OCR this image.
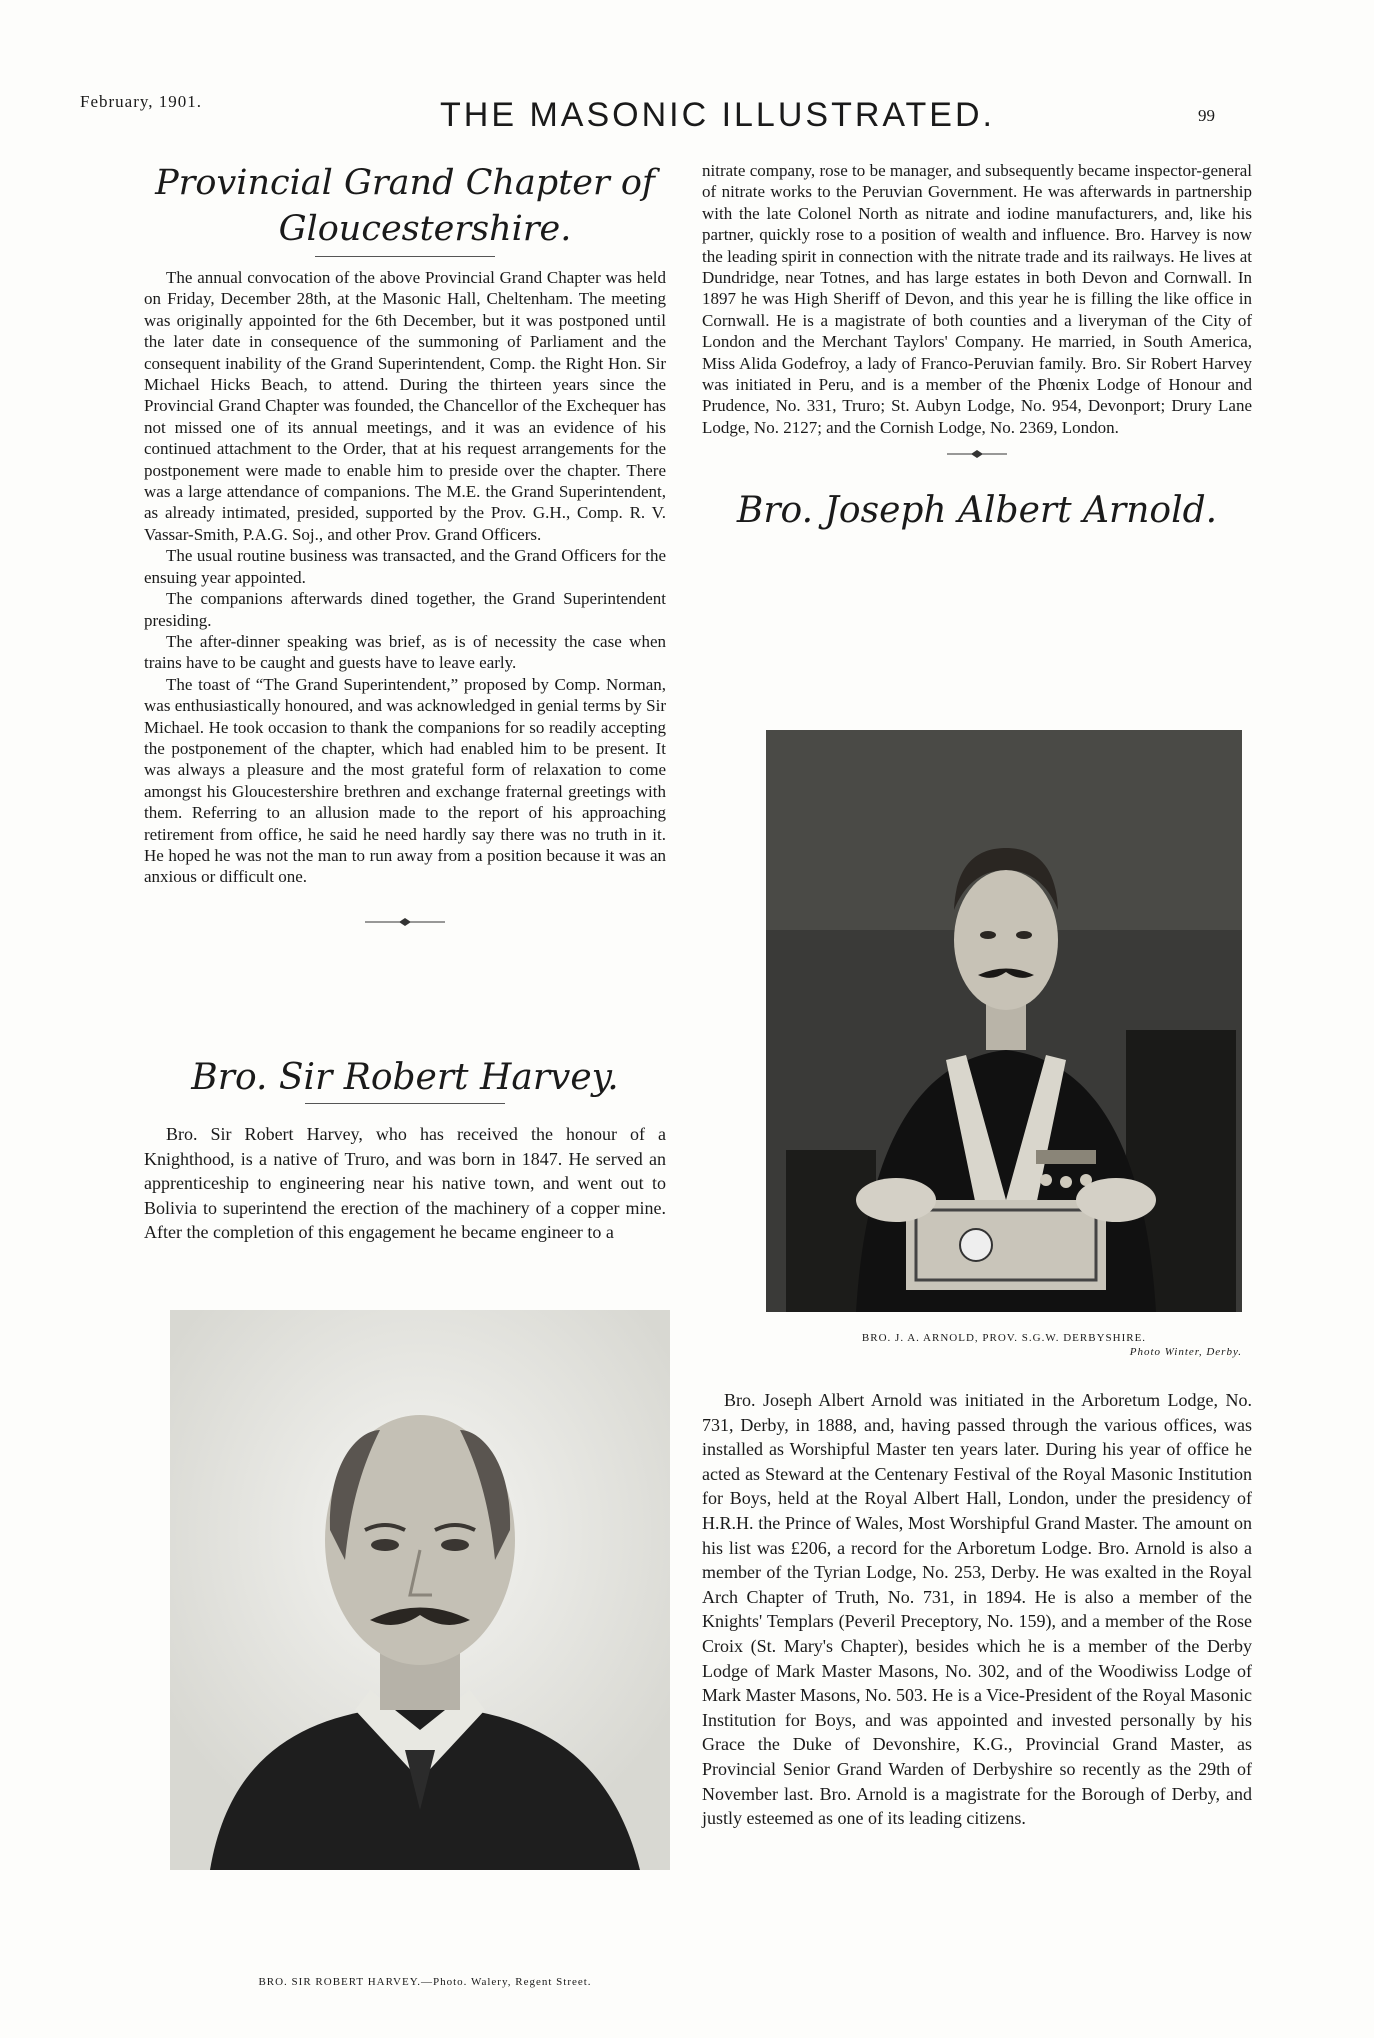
February, 1901.	THE MASONIC ILLUSTRATED.	99
Provincial Grand Chapter of
Gloucestershire.

The annual convocation of the above Provincial Grand Chapter was held on Friday, December 28th, at the Masonic Hall, Cheltenham. The meeting was originally appointed for the 6th December, but it was postponed until the later date in consequence of the summoning of Parliament and the consequent inability of the Grand Superintendent, Comp. the Right Hon. Sir Michael Hicks Beach, to attend. During the thirteen years since the Provincial Grand Chapter was founded, the Chancellor of the Exchequer has not missed one of its annual meetings, and it was an evidence of his continued attachment to the Order, that at his request arrangements for the postponement were made to enable him to preside over the chapter. There was a large attendance of companions. The M.E. the Grand Superintendent, as already intimated, presided, supported by the Prov. G.H., Comp. R. V. Vassar-Smith, P.A.G. Soj., and other Prov. Grand Officers.

The usual routine business was transacted, and the Grand Officers for the ensuing year appointed.

The companions afterwards dined together, the Grand Superintendent presiding.

The after-dinner speaking was brief, as is of necessity the case when trains have to be caught and guests have to leave early.

The toast of “The Grand Superintendent,” proposed by Comp. Norman, was enthusiastically honoured, and was acknowledged in genial terms by Sir Michael. He took occasion to thank the companions for so readily accepting the postponement of the chapter, which had enabled him to be present. It was always a pleasure and the most grateful form of relaxation to come amongst his Gloucestershire brethren and exchange fraternal greetings with them. Referring to an allusion made to the report of his approaching retirement from office, he said he need hardly say there was no truth in it. He hoped he was not the man to run away from a position because it was an anxious or difficult one.

Bro. Sir Robert Harvey.

Bro. Sir Robert Harvey, who has received the honour of a Knighthood, is a native of Truro, and was born in 1847. He served an apprenticeship to engineering near his native town, and went out to Bolivia to superintend the erection of the machinery of a copper mine. After the completion of this engagement he became engineer to a

BRO. SIR ROBERT HARVEY.—Photo. Walery, Regent Street.

nitrate company, rose to be manager, and subsequently became inspector-general of nitrate works to the Peruvian Government. He was afterwards in partnership with the late Colonel North as nitrate and iodine manufacturers, and, like his partner, quickly rose to a position of wealth and influence. Bro. Harvey is now the leading spirit in connection with the nitrate trade and its railways. He lives at Dundridge, near Totnes, and has large estates in both Devon and Cornwall. In 1897 he was High Sheriff of Devon, and this year he is filling the like office in Cornwall. He is a magistrate of both counties and a liveryman of the City of London and the Merchant Taylors' Company. He married, in South America, Miss Alida Godefroy, a lady of Franco-Peruvian family. Bro. Sir Robert Harvey was initiated in Peru, and is a member of the Phœnix Lodge of Honour and Prudence, No. 331, Truro; St. Aubyn Lodge, No. 954, Devonport; Drury Lane Lodge, No. 2127; and the Cornish Lodge, No. 2369, London.

Bro. Joseph Albert Arnold.
BRO. J. A. ARNOLD, PROV. S.G.W. DERBYSHIRE.
Photo Winter, Derby.

Bro. Joseph Albert Arnold was initiated in the Arboretum Lodge, No. 731, Derby, in 1888, and, having passed through the various offices, was installed as Worshipful Master ten years later. During his year of office he acted as Steward at the Centenary Festival of the Royal Masonic Institution for Boys, held at the Royal Albert Hall, London, under the presidency of H.R.H. the Prince of Wales, Most Worshipful Grand Master. The amount on his list was £206, a record for the Arboretum Lodge. Bro. Arnold is also a member of the Tyrian Lodge, No. 253, Derby. He was exalted in the Royal Arch Chapter of Truth, No. 731, in 1894. He is also a member of the Knights' Templars (Peveril Preceptory, No. 159), and a member of the Rose Croix (St. Mary's Chapter), besides which he is a member of the Derby Lodge of Mark Master Masons, No. 302, and of the Woodiwiss Lodge of Mark Master Masons, No. 503. He is a Vice-President of the Royal Masonic Institution for Boys, and was appointed and invested personally by his Grace the Duke of Devonshire, K.G., Provincial Grand Master, as Provincial Senior Grand Warden of Derbyshire so recently as the 29th of November last. Bro. Arnold is a magistrate for the Borough of Derby, and justly esteemed as one of its leading citizens.
